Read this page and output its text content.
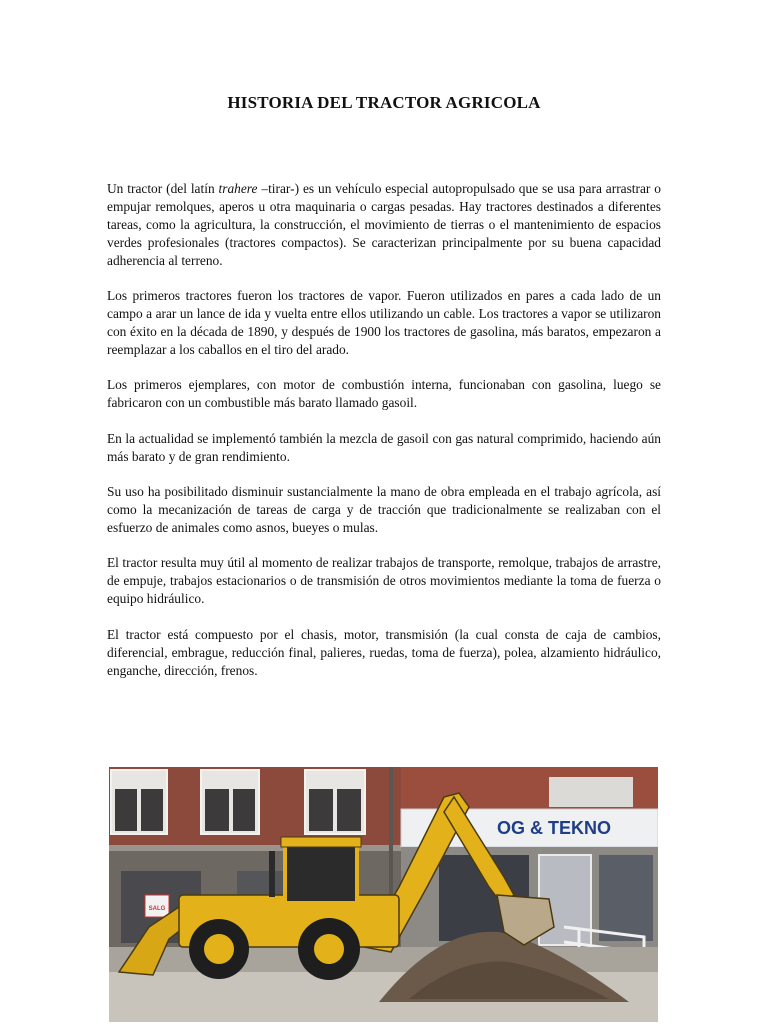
HISTORIA DEL TRACTOR AGRICOLA

Un tractor (del latín trahere –tirar-) es un vehículo especial autopropulsado que se usa para arrastrar o empujar remolques, aperos u otra maquinaria o cargas pesadas. Hay tractores destinados a diferentes tareas, como la agricultura, la construcción, el movimiento de tierras o el mantenimiento de espacios verdes profesionales (tractores compactos). Se caracterizan principalmente por su buena capacidad adherencia al terreno.

Los primeros tractores fueron los tractores de vapor. Fueron utilizados en pares a cada lado de un campo a arar un lance de ida y vuelta entre ellos utilizando un cable. Los tractores a vapor se utilizaron con éxito en la década de 1890, y después de 1900 los tractores de gasolina, más baratos, empezaron a reemplazar a los caballos en el tiro del arado.

Los primeros ejemplares, con motor de combustión interna, funcionaban con gasolina, luego se fabricaron con un combustible más barato llamado gasoil.

En la actualidad se implementó también la mezcla de gasoil con gas natural comprimido, haciendo aún más barato y de gran rendimiento.

Su uso ha posibilitado disminuir sustancialmente la mano de obra empleada en el trabajo agrícola, así como la mecanización de tareas de carga y de tracción que tradicionalmente se realizaban con el esfuerzo de animales como asnos, bueyes o mulas.

El tractor resulta muy útil al momento de realizar trabajos de transporte, remolque, trabajos de arrastre, de empuje, trabajos estacionarios o de transmisión de otros movimientos mediante la toma de fuerza o equipo hidráulico.

El tractor está compuesto por el chasis, motor, transmisión (la cual consta de caja de cambios, diferencial, embrague, reducción final, palieres, ruedas, toma de fuerza), polea, alzamiento hidráulico, enganche, dirección, frenos.

SALG
OG & TEKNO
